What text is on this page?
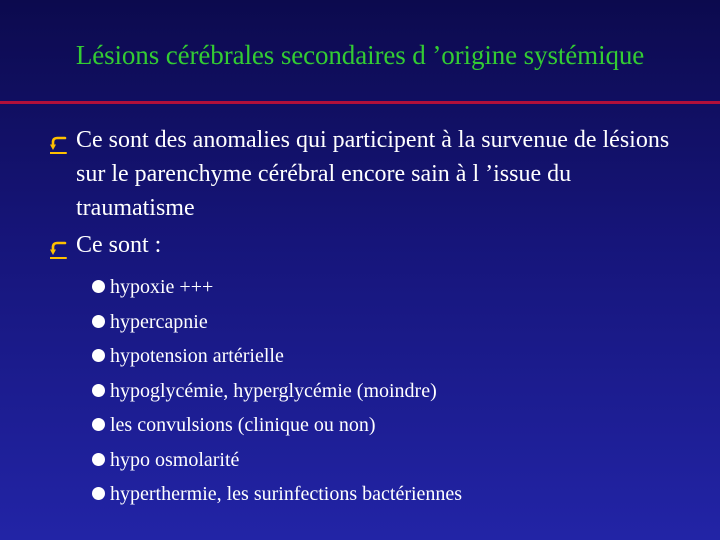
Lésions cérébrales secondaires d ’origine systémique
Ce sont des anomalies qui participent à la survenue de lésions sur le parenchyme cérébral encore sain à l ’issue du traumatisme
Ce sont :
hypoxie +++
hypercapnie
hypotension artérielle
hypoglycémie, hyperglycémie (moindre)
les convulsions (clinique ou non)
hypo osmolarité
hyperthermie, les surinfections bactériennes
